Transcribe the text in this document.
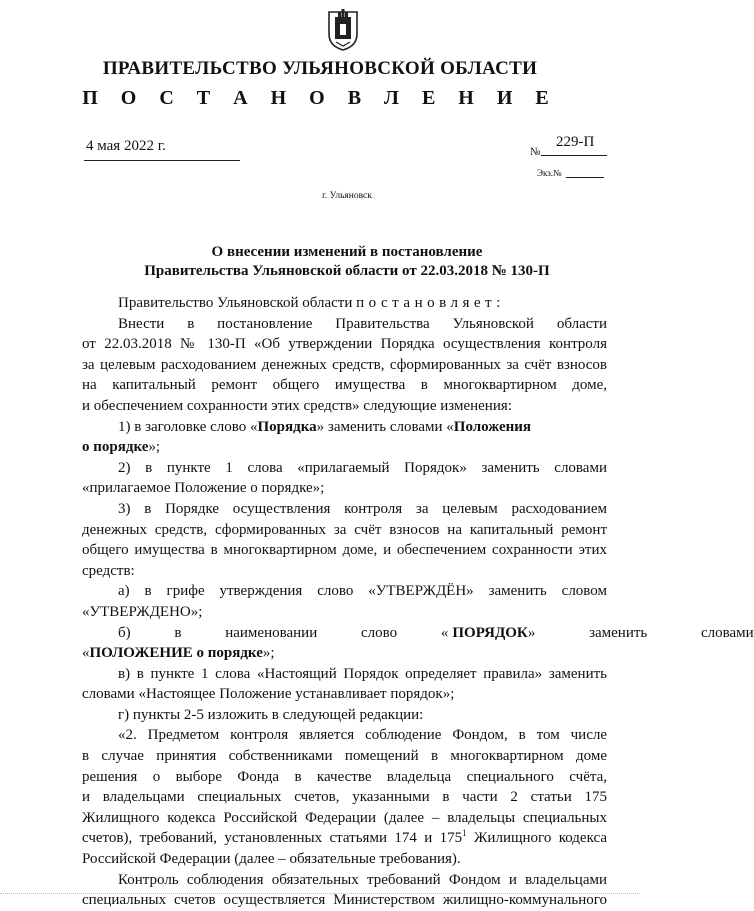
ПРАВИТЕЛЬСТВО УЛЬЯНОВСКОЙ ОБЛАСТИ
П О С Т А Н О В Л Е Н И Е
4 мая 2022 г.	№
229-П
Экз.№
г. Ульяновск
О внесении изменений в постановление
Правительства Ульяновской области от 22.03.2018 № 130-П
Правительство Ульяновской области постановляет:
Внести в постановление Правительства Ульяновской области
от 22.03.2018 № 130-П «Об утверждении Порядка осуществления контроля
за целевым расходованием денежных средств, сформированных за счёт взносов
на капитальный ремонт общего имущества в многоквартирном доме,
и обеспечением сохранности этих средств» следующие изменения:
1) в заголовке слово «Порядка» заменить словами «Положения
о порядке»;
2) в пункте 1 слова «прилагаемый Порядок» заменить словами
«прилагаемое Положение о порядке»;
3) в Порядке осуществления контроля за целевым расходованием
денежных средств, сформированных за счёт взносов на капитальный ремонт
общего имущества в многоквартирном доме, и обеспечением сохранности этих
средств:
а) в грифе утверждения слово «УТВЕРЖДЁН» заменить словом
«УТВЕРЖДЕНО»;
б) в наименовании слово « ПОРЯДОК» заменить словами
«ПОЛОЖЕНИЕ о порядке»;
в) в пункте 1 слова «Настоящий Порядок определяет правила» заменить
словами «Настоящее Положение устанавливает порядок»;
г) пункты 2-5 изложить в следующей редакции:
«2. Предметом контроля является соблюдение Фондом, в том числе
в случае принятия собственниками помещений в многоквартирном доме
решения о выборе Фонда в качестве владельца специального счёта,
и владельцами специальных счетов, указанными в части 2 статьи 175
Жилищного кодекса Российской Федерации (далее – владельцы специальных
счетов), требований, установленных статьями 174 и $175^1$ Жилищного кодекса
Российской Федерации (далее – обязательные требования).
Контроль соблюдения обязательных требований Фондом и владельцами
специальных счетов осуществляется Министерством жилищно-коммунального
